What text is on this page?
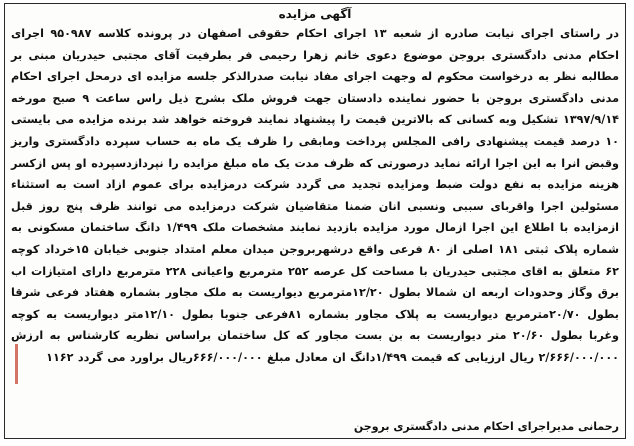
آگهی مزایده
در راستای اجرای نیابت صادره از شعبه ۱۳ اجرای احکام حقوقی اصفهان در پرونده کلاسه ۹۵۰۹۸۷ اجرای احکام مدنی دادگستری بروجن موضوع دعوی خانم زهرا رحیمی فر بطرفیت آقای مجتبی حیدریان مبنی بر مطالبه نظر به درخواست محکوم له وجهت اجرای مفاد نیابت صدرالذکر جلسه مزایده ای درمحل اجرای احکام مدنی دادگستری بروجن با حضور نماینده دادستان جهت فروش ملک بشرح ذیل راس ساعت ۹ صبح مورخه ۱۳۹۷/۹/۱۴ تشکیل وبه کسانی که بالاترین قیمت را پیشنهاد نمایند فروخته خواهد شد برنده مزایده می بایستی ۱۰ درصد قیمت پیشنهادی رافی المجلس پرداخت ومابقی را ظرف یک ماه به حساب سپرده دادگستری واریز وقبض انرا به این اجرا ارائه نماید درصورتی که ظرف مدت یک ماه مبلغ مزایده را نپردازدسپرده او پس ازکسر هزینه مزایده به نفع دولت ضبط ومزایده تجدید می گردد شرکت درمزایده برای عموم ازاد است به استثناء مسئولین اجرا واقربای سببی ونسبی انان ضمنا متقاضیان شرکت درمزایده می توانند ظرف پنج روز قبل ازمزایده با اطلاع این اجرا ازمال مورد مزایده بازدید نمایند مشخصات ملک ۱/۴۹۹ دانگ ساختمان مسکونی به شماره پلاک ثبتی ۱۸۱ اصلی از ۸۰ فرعی واقع درشهربروجن میدان معلم امتداد جنوبی خیابان ۱۵خرداد کوچه ۶۲ متعلق به اقای مجتبی حیدریان با مساحت کل عرصه ۲۵۲ مترمربع واعیانی ۲۲۸ مترمربع دارای امتیازات اب برق وگاز وحدودات اربعه ان شمالا بطول ۱۲/۲۰مترمربع دیواریست به ملک مجاور بشماره هفتاد فرعی شرقا بطول ۲۰/۷۰مترمربع دیواریست به پلاک مجاور بشماره ۸۱فرعی جنوبا بطول ۱۲/۱۰متر دیواریست به کوچه وغربا بطول ۲۰/۶۰ متر دیواریست به بن بست مجاور که کل ساختمان براساس نظریه کارشناس به ارزش ۲/۶۶۶/۰۰۰/۰۰۰ ریال ارزیابی که قیمت ۱/۴۹۹دانگ ان معادل مبلغ ۶۶۶/۰۰۰/۰۰۰ریال براورد می گردد ۱۱۶۲
رحمانی مدیراجرای احکام مدنی دادگستری بروجن
